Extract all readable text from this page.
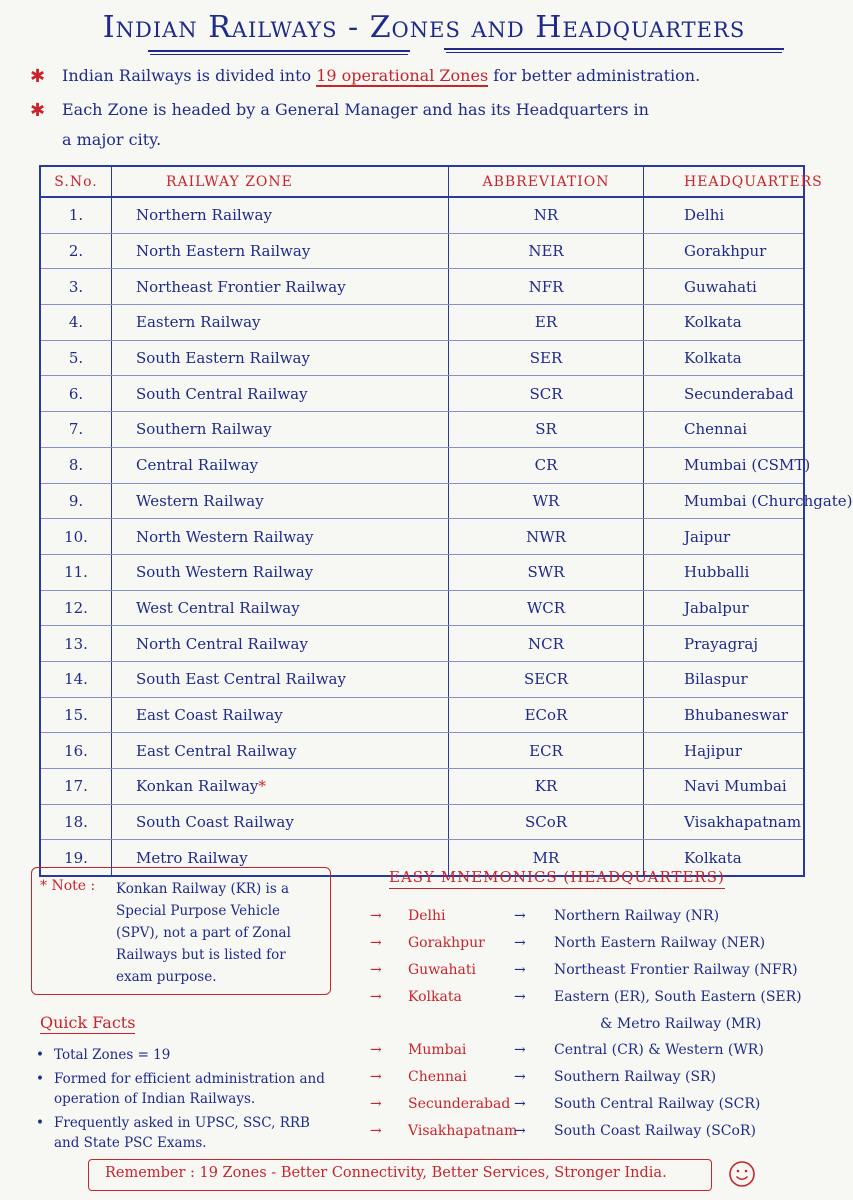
Indian Railways - Zones and Headquarters
✱ Indian Railways is divided into 19 operational Zones for better administration.
✱ Each Zone is headed by a General Manager and has its Headquarters in
a major city.
S.No.	RAILWAY ZONE	ABBREVIATION	HEADQUARTERS
1.	Northern Railway	NR	Delhi
2.	North Eastern Railway	NER	Gorakhpur
3.	Northeast Frontier Railway	NFR	Guwahati
4.	Eastern Railway	ER	Kolkata
5.	South Eastern Railway	SER	Kolkata
6.	South Central Railway	SCR	Secunderabad
7.	Southern Railway	SR	Chennai
8.	Central Railway	CR	Mumbai (CSMT)
9.	Western Railway	WR	Mumbai (Churchgate)
10.	North Western Railway	NWR	Jaipur
11.	South Western Railway	SWR	Hubballi
12.	West Central Railway	WCR	Jabalpur
13.	North Central Railway	NCR	Prayagraj
14.	South East Central Railway	SECR	Bilaspur
15.	East Coast Railway	ECoR	Bhubaneswar
16.	East Central Railway	ECR	Hajipur
17.	Konkan Railway*	KR	Navi Mumbai
18.	South Coast Railway	SCoR	Visakhapatnam
19.	Metro Railway	MR	Kolkata
* Note : Konkan Railway (KR) is a Special Purpose Vehicle (SPV), not a part of Zonal Railways but is listed for exam purpose.
Quick Facts
• Total Zones = 19
• Formed for efficient administration and operation of Indian Railways.
• Frequently asked in UPSC, SSC, RRB and State PSC Exams.
EASY MNEMONICS (HEADQUARTERS)
→ Delhi	→ Northern Railway (NR)
→ Gorakhpur → North Eastern Railway (NER)
→ Guwahati	→ Northeast Frontier Railway (NFR)
→ Kolkata	→ Eastern (ER), South Eastern (SER)
& Metro Railway (MR)
→ Mumbai	→ Central (CR) & Western (WR)
→ Chennai	→ Southern Railway (SR)
→ Secunderabad → South Central Railway (SCR)
→ Visakhapatnam
→ South Coast Railway (SCoR)
Remember : 19 Zones - Better Connectivity, Better Services, Stronger India.
